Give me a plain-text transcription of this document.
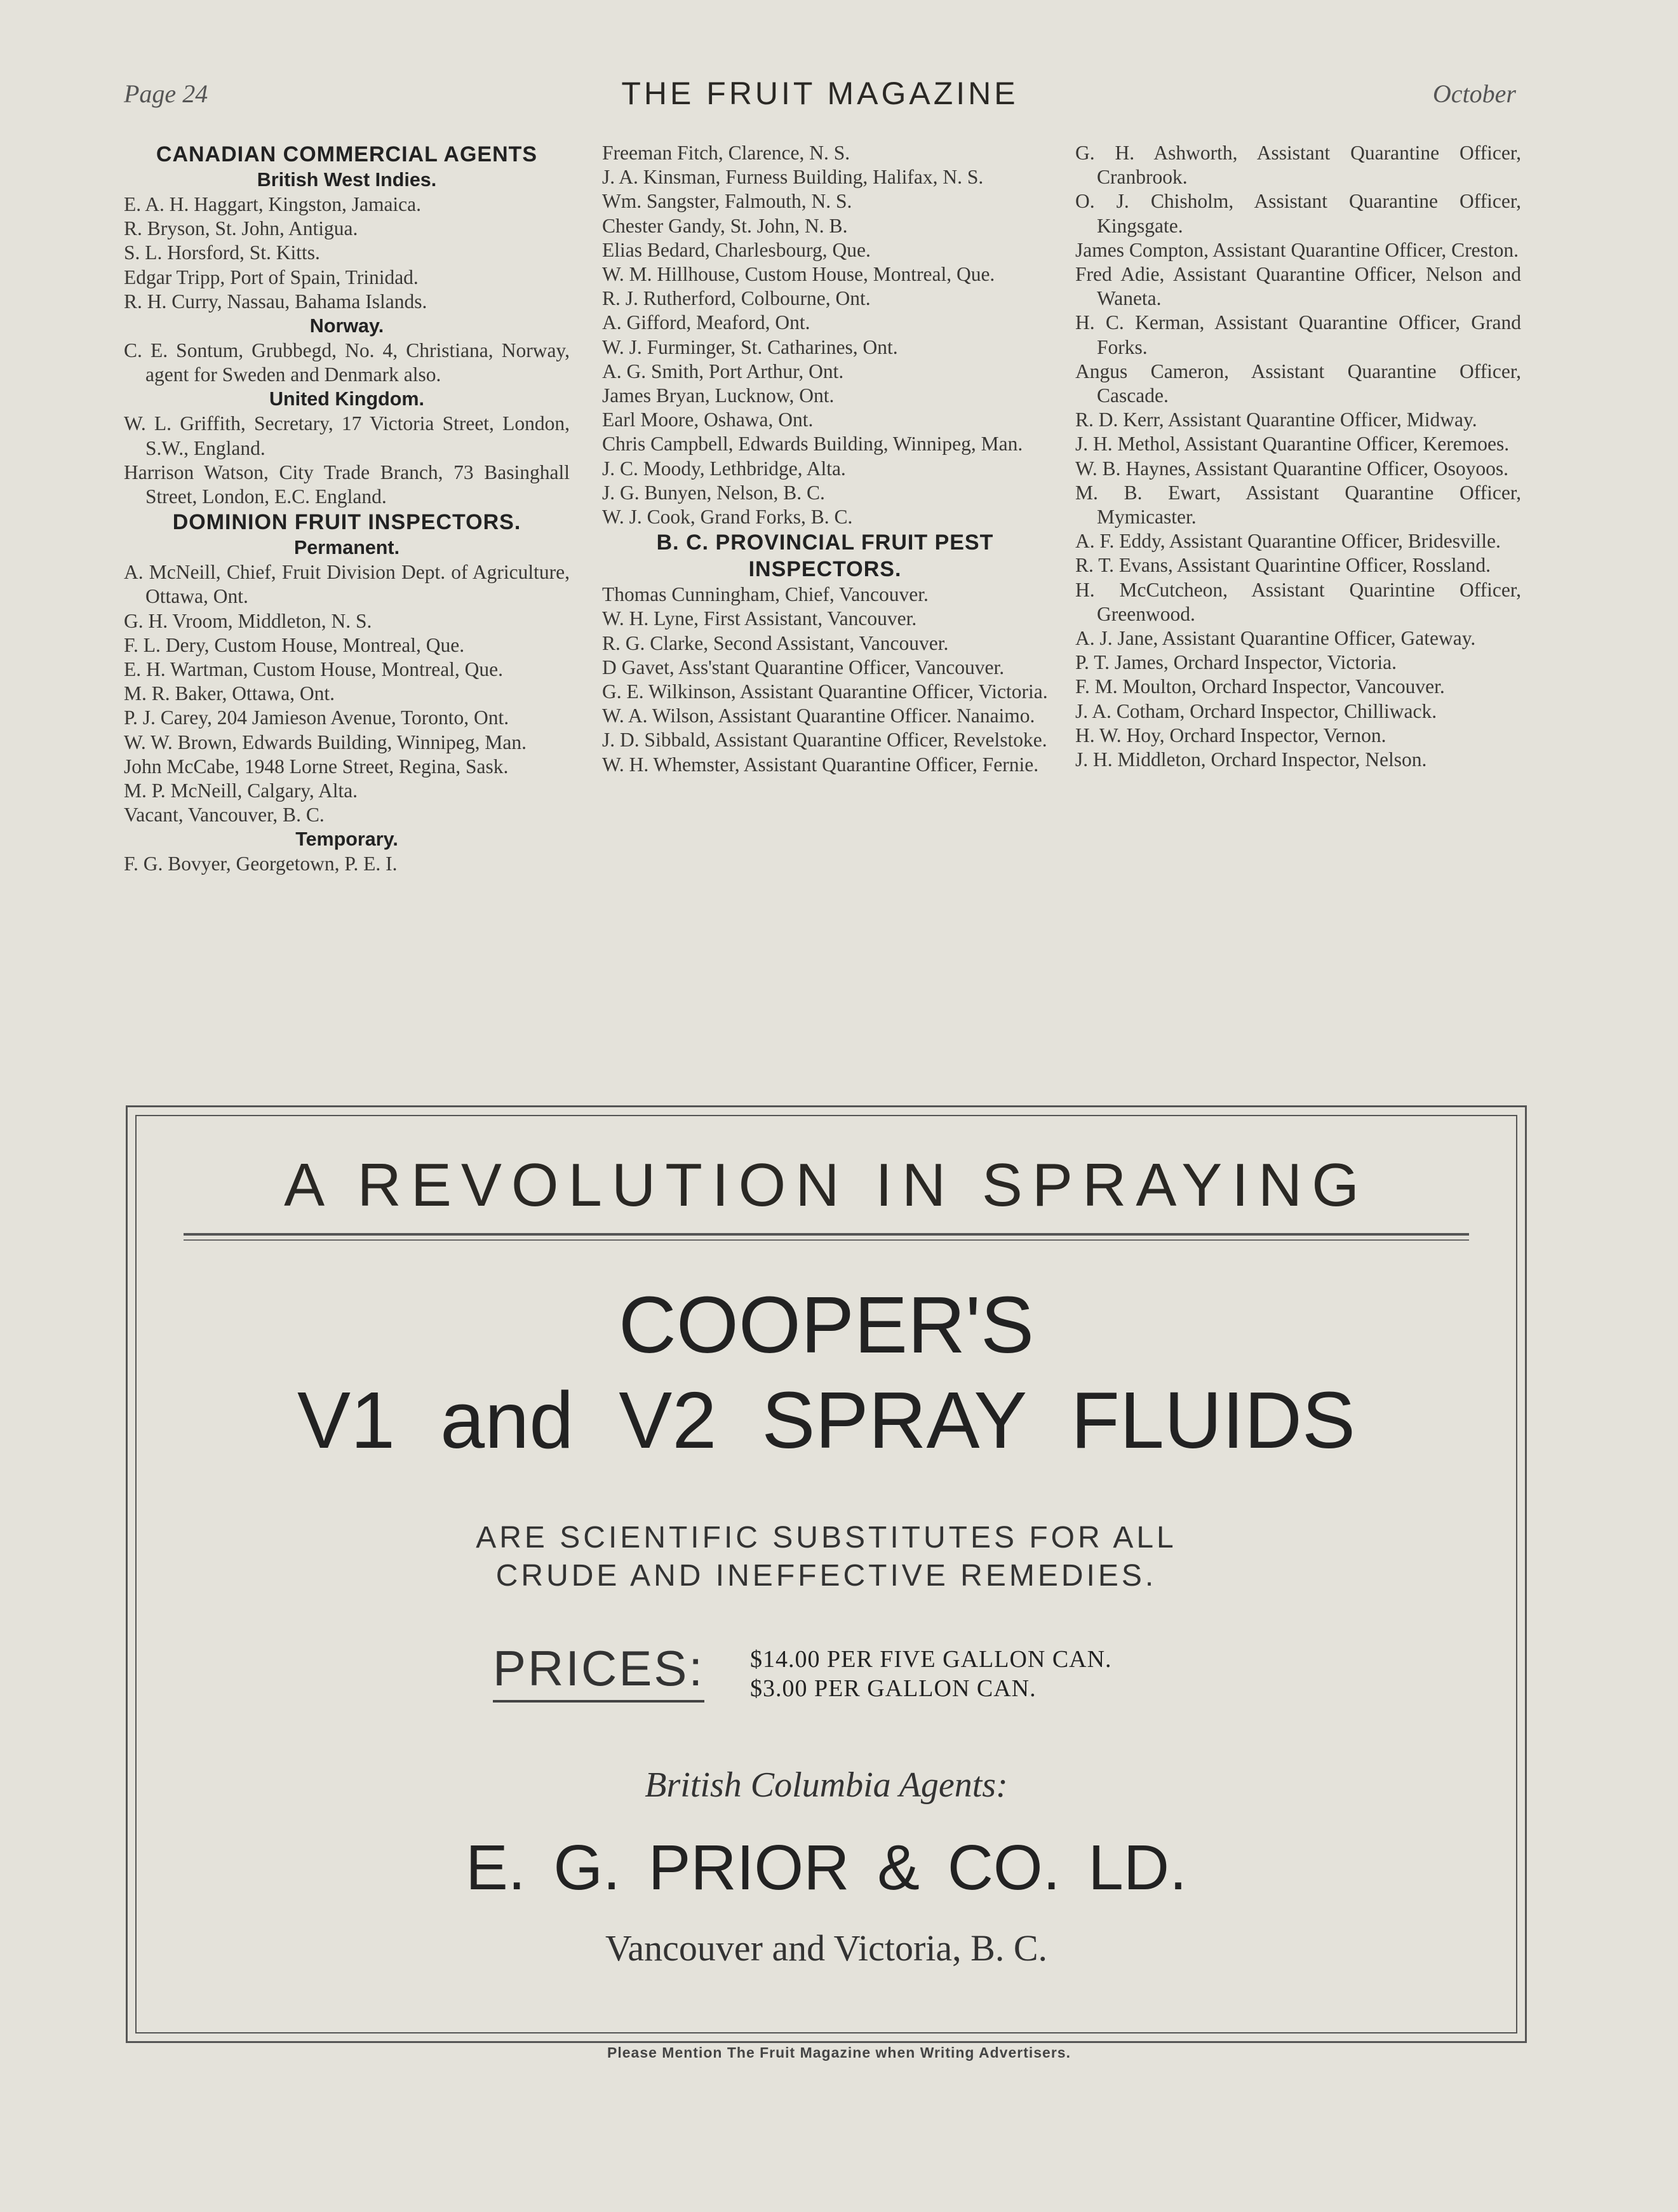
Page 24	THE FRUIT MAGAZINE	October
CANADIAN COMMERCIAL AGENTS
British West Indies.
E. A. H. Haggart, Kingston, Jamaica.
R. Bryson, St. John, Antigua.
S. L. Horsford, St. Kitts.
Edgar Tripp, Port of Spain, Trinidad.
R. H. Curry, Nassau, Bahama Islands.
Norway.
C. E. Sontum, Grubbegd, No. 4, Christiana, Norway, agent for Sweden and Denmark also.
United Kingdom.
W. L. Griffith, Secretary, 17 Victoria Street, London, S.W., England.
Harrison Watson, City Trade Branch, 73 Basinghall Street, London, E.C. England.
DOMINION FRUIT INSPECTORS.
Permanent.
A. McNeill, Chief, Fruit Division Dept. of Agriculture, Ottawa, Ont.
G. H. Vroom, Middleton, N. S.
F. L. Dery, Custom House, Montreal, Que.
E. H. Wartman, Custom House, Montreal, Que.
M. R. Baker, Ottawa, Ont.
P. J. Carey, 204 Jamieson Avenue, Toronto, Ont.
W. W. Brown, Edwards Building, Winnipeg, Man.
John McCabe, 1948 Lorne Street, Regina, Sask.
M. P. McNeill, Calgary, Alta.
Vacant, Vancouver, B. C.
Temporary.
F. G. Bovyer, Georgetown, P. E. I.
Freeman Fitch, Clarence, N. S.
J. A. Kinsman, Furness Building, Halifax, N. S.
Wm. Sangster, Falmouth, N. S.
Chester Gandy, St. John, N. B.
Elias Bedard, Charlesbourg, Que.
W. M. Hillhouse, Custom House, Montreal, Que.
R. J. Rutherford, Colbourne, Ont.
A. Gifford, Meaford, Ont.
W. J. Furminger, St. Catharines, Ont.
A. G. Smith, Port Arthur, Ont.
James Bryan, Lucknow, Ont.
Earl Moore, Oshawa, Ont.
Chris Campbell, Edwards Building, Winnipeg, Man.
J. C. Moody, Lethbridge, Alta.
J. G. Bunyen, Nelson, B. C.
W. J. Cook, Grand Forks, B. C.
B. C. PROVINCIAL FRUIT PEST INSPECTORS.
Thomas Cunningham, Chief, Vancouver.
W. H. Lyne, First Assistant, Vancouver.
R. G. Clarke, Second Assistant, Vancouver.
D Gavet, Ass'stant Quarantine Officer, Vancouver.
G. E. Wilkinson, Assistant Quarantine Officer, Victoria.
W. A. Wilson, Assistant Quarantine Officer. Nanaimo.
J. D. Sibbald, Assistant Quarantine Officer, Revelstoke.
W. H. Whemster, Assistant Quarantine Officer, Fernie.
G. H. Ashworth, Assistant Quarantine Officer, Cranbrook.
O. J. Chisholm, Assistant Quarantine Officer, Kingsgate.
James Compton, Assistant Quarantine Officer, Creston.
Fred Adie, Assistant Quarantine Officer, Nelson and Waneta.
H. C. Kerman, Assistant Quarantine Officer, Grand Forks.
Angus Cameron, Assistant Quarantine Officer, Cascade.
R. D. Kerr, Assistant Quarantine Officer, Midway.
J. H. Methol, Assistant Quarantine Officer, Keremoes.
W. B. Haynes, Assistant Quarantine Officer, Osoyoos.
M. B. Ewart, Assistant Quarantine Officer, Mymicaster.
A. F. Eddy, Assistant Quarantine Officer, Bridesville.
R. T. Evans, Assistant Quarintine Officer, Rossland.
H. McCutcheon, Assistant Quarintine Officer, Greenwood.
A. J. Jane, Assistant Quarantine Officer, Gateway.
P. T. James, Orchard Inspector, Victoria.
F. M. Moulton, Orchard Inspector, Vancouver.
J. A. Cotham, Orchard Inspector, Chilliwack.
H. W. Hoy, Orchard Inspector, Vernon.
J. H. Middleton, Orchard Inspector, Nelson.
A REVOLUTION IN SPRAYING
COOPER'S
V1 and V2 SPRAY FLUIDS
ARE SCIENTIFIC SUBSTITUTES FOR ALL
CRUDE AND INEFFECTIVE REMEDIES.
PRICES: $14.00 PER FIVE GALLON CAN.
$3.00 PER GALLON CAN.
British Columbia Agents:
E. G. PRIOR & CO. LD.
Vancouver and Victoria, B. C.
Please Mention The Fruit Magazine when Writing Advertisers.
